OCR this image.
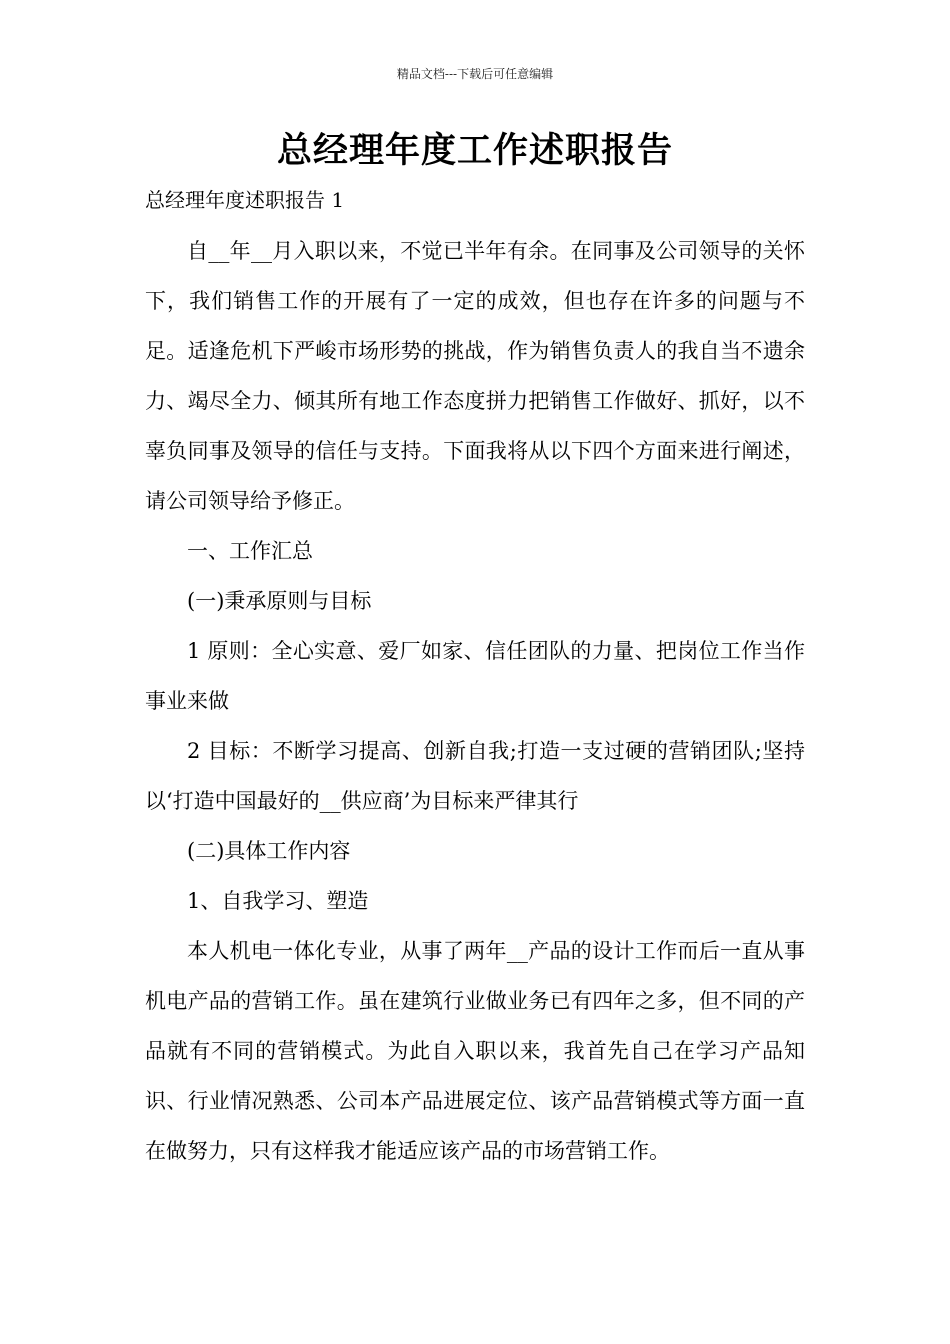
精品文档---下载后可任意编辑
总经理年度工作述职报告
总经理年度述职报告 1

自__年__月入职以来，不觉已半年有余。在同事及公司领导的关怀下，我们销售工作的开展有了一定的成效，但也存在许多的问题与不足。适逢危机下严峻市场形势的挑战，作为销售负责人的我自当不遗余力、竭尽全力、倾其所有地工作态度拼力把销售工作做好、抓好，以不辜负同事及领导的信任与支持。下面我将从以下四个方面来进行阐述，请公司领导给予修正。

一、工作汇总

(一)秉承原则与目标

1 原则：全心实意、爱厂如家、信任团队的力量、把岗位工作当作事业来做

2 目标：不断学习提高、创新自我;打造一支过硬的营销团队;坚持以‘打造中国最好的__供应商’为目标来严律其行

(二)具体工作内容

1、自我学习、塑造

本人机电一体化专业，从事了两年__产品的设计工作而后一直从事机电产品的营销工作。虽在建筑行业做业务已有四年之多，但不同的产品就有不同的营销模式。为此自入职以来，我首先自己在学习产品知识、行业情况熟悉、公司本产品进展定位、该产品营销模式等方面一直在做努力，只有这样我才能适应该产品的市场营销工作。
